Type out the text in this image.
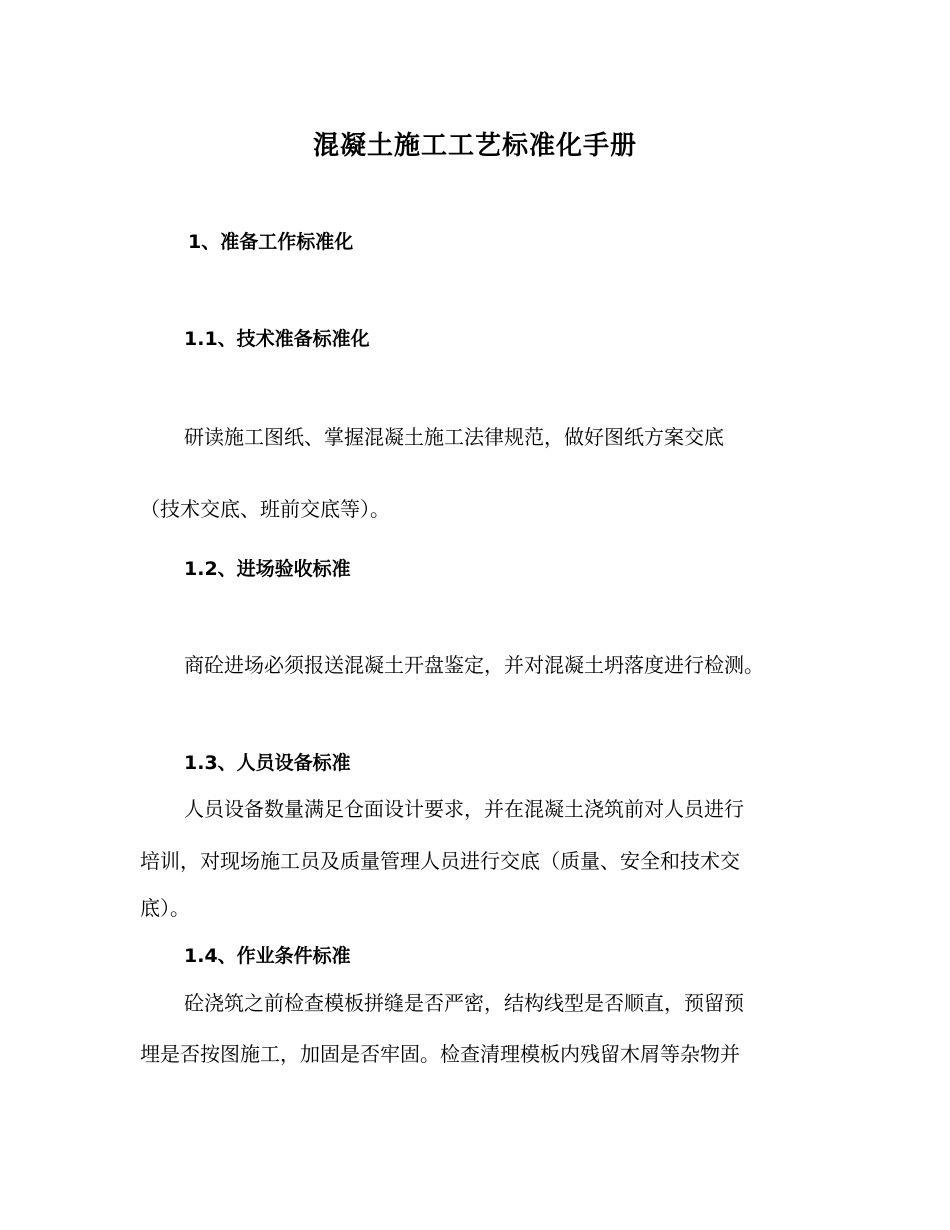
混凝土施工工艺标准化手册
1、准备工作标准化
1.1、技术准备标准化
研读施工图纸、掌握混凝土施工法律规范，做好图纸方案交底
（技术交底、班前交底等）。
1.2、进场验收标准
商砼进场必须报送混凝土开盘鉴定，并对混凝土坍落度进行检测。
1.3、人员设备标准
人员设备数量满足仓面设计要求，并在混凝土浇筑前对人员进行
培训，对现场施工员及质量管理人员进行交底（质量、安全和技术交
底）。
1.4、作业条件标准
砼浇筑之前检查模板拼缝是否严密，结构线型是否顺直，预留预
埋是否按图施工，加固是否牢固。检查清理模板内残留木屑等杂物并
